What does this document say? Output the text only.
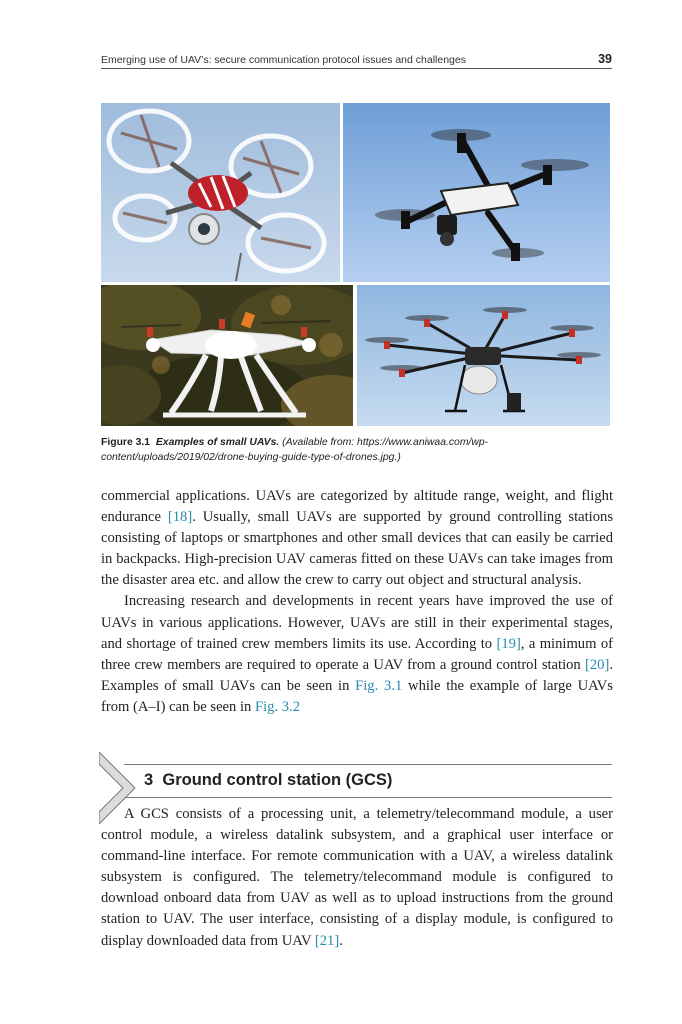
Emerging use of UAV’s: secure communication protocol issues and challenges	39
Figure 3.1 Examples of small UAVs. (Available from: https://www.aniwaa.com/wp-content/uploads/2019/02/drone-buying-guide-type-of-drones.jpg.)

commercial applications. UAVs are categorized by altitude range, weight, and flight endurance [18]. Usually, small UAVs are supported by ground controlling stations consisting of laptops or smartphones and other small devices that can easily be carried in backpacks. High-precision UAV cameras fitted on these UAVs can take images from the disaster area etc. and allow the crew to carry out object and structural analysis.

Increasing research and developments in recent years have improved the use of UAVs in various applications. However, UAVs are still in their experimental stages, and shortage of trained crew members limits its use. According to [19], a minimum of three crew members are required to operate a UAV from a ground control station [20]. Examples of small UAVs can be seen in Fig. 3.1 while the example of large UAVs from (A–I) can be seen in Fig. 3.2

3 Ground control station (GCS)

A GCS consists of a processing unit, a telemetry/telecommand module, a user control module, a wireless datalink subsystem, and a graphical user interface or command-line interface. For remote communication with a UAV, a wireless datalink subsystem is configured. The telemetry/telecommand module is configured to download onboard data from UAV as well as to upload instructions from the ground station to UAV. The user interface, consisting of a display module, is configured to display downloaded data from UAV [21].
